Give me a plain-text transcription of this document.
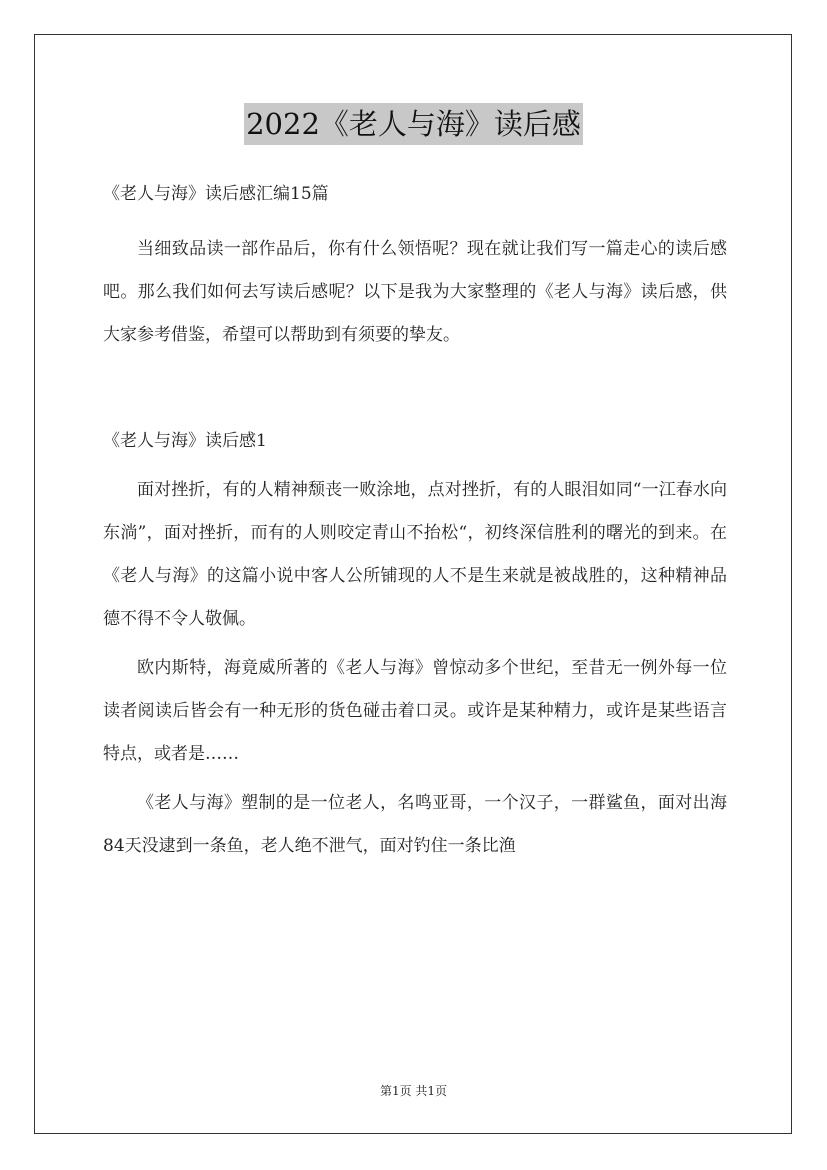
2022《老人与海》读后感

《老人与海》读后感汇编15篇

当细致品读一部作品后，你有什么领悟呢？现在就让我们写一篇走心的读后感吧。那么我们如何去写读后感呢？以下是我为大家整理的《老人与海》读后感，供大家参考借鉴，希望可以帮助到有须要的挚友。

《老人与海》读后感1

面对挫折，有的人精神颓丧一败涂地，点对挫折，有的人眼泪如同“一江春水向东淌”，面对挫折，而有的人则咬定青山不抬松“，初终深信胜利的曙光的到来。在《老人与海》的这篇小说中客人公所铺现的人不是生来就是被战胜的，这种精神品德不得不令人敬佩。

欧内斯特，海竟威所著的《老人与海》曾惊动多个世纪，至昔无一例外每一位读者阅读后皆会有一种无形的货色碰击着口灵。或许是某种精力，或许是某些语言特点，或者是……

《老人与海》塑制的是一位老人，名鸣亚哥，一个汉子，一群鲨鱼，面对出海84天没逮到一条鱼，老人绝不泄气，面对钓住一条比渔

第1页 共1页
